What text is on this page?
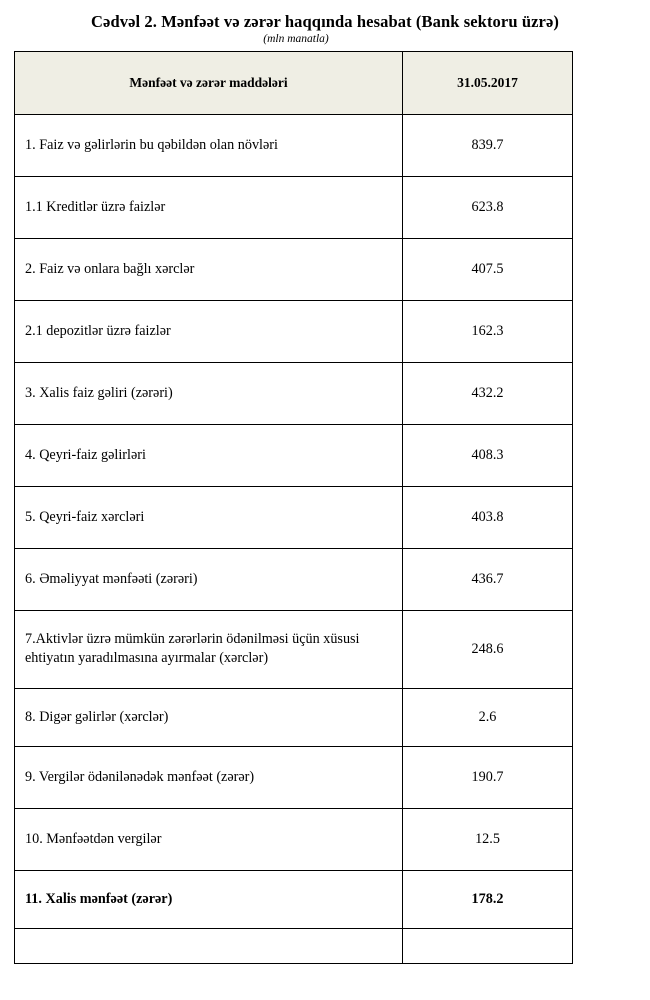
Cədvəl 2. Mənfəət və zərər haqqında hesabat (Bank sektoru üzrə)
(mln manatla)
Mənfəət və zərər maddələri	31.05.2017
1. Faiz və gəlirlərin bu qəbildən olan növləri	839.7
1.1 Kreditlər üzrə faizlər	623.8
2. Faiz və onlara bağlı xərclər	407.5
2.1 depozitlər üzrə faizlər	162.3
3. Xalis faiz gəliri (zərəri)	432.2
4. Qeyri-faiz gəlirləri	408.3
5. Qeyri-faiz xərcləri	403.8
6. Əməliyyat mənfəəti (zərəri)	436.7
7.Aktivlər üzrə mümkün zərərlərin ödənilməsi üçün xüsusi ehtiyatın yaradılmasına ayırmalar (xərclər)	248.6
8. Digər gəlirlər (xərclər)	2.6
9. Vergilər ödənilənədək mənfəət (zərər)	190.7
10. Mənfəətdən vergilər	12.5
11. Xalis mənfəət (zərər)	178.2
